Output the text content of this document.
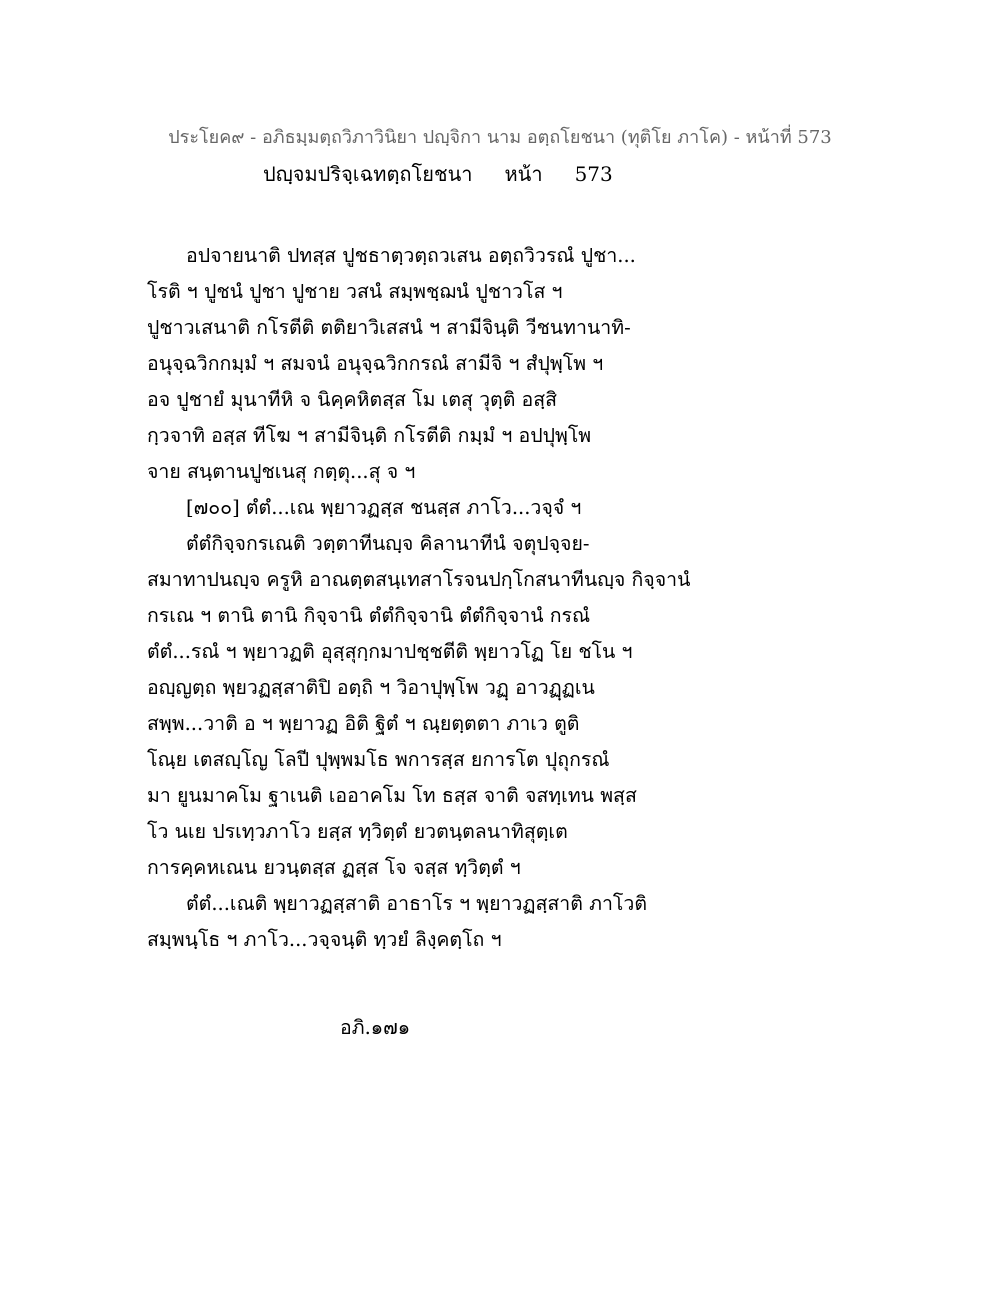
ประโยค๙ - อภิธมฺมตฺถวิภาวินิยา ปญฺจิกา นาม อตฺถโยชนา (ทุติโย ภาโค) - หน้าที่ 573
ปญฺจมปริจฺเฉทตฺถโยชนา หน้า 573
อปจายนาติ ปทสฺส ปูชธาตฺวตฺถวเสน อตฺถวิวรณํ ปูชา...
โรติ ฯ ปูชนํ ปูชา ปูชาย วสนํ สมฺพชฺฌนํ ปูชาวโส ฯ
ปูชาวเสนาติ กโรตีติ ตติยาวิเสสนํ ฯ สามีจินฺติ วีชนทานาทิ-
อนุจฺฉวิกกมฺมํ ฯ สมจนํ อนุจฺฉวิกกรณํ สามีจิ ฯ สํปุพฺโพ ฯ
อจ ปูชายํ มุนาทีหิ จ นิคฺคหิตสฺส โม เตสุ วุตฺติ อสฺสิ
กฺวจาทิ อสฺส ทีโฆ ฯ สามีจินฺติ กโรตีติ กมฺมํ ฯ อปปุพฺโพ
จาย สนฺตานปูชเนสุ กตฺตุ...สุ จ ฯ
[๗๐๐] ตํตํ...เณ พฺยาวฏสฺส ชนสฺส ภาโว...วจฺจํ ฯ
ตํตํกิจฺจกรเณติ วตฺตาทีนญฺจ คิลานาทีนํ จตุปจฺจย-
สมาทาปนญฺจ ครูหิ อาณตฺตสนฺเทสาโรจนปกฺโกสนาทีนญฺจ กิจฺจานํ
กรเณ ฯ ตานิ ตานิ กิจฺจานิ ตํตํกิจฺจานิ ตํตํกิจฺจานํ กรณํ
ตํตํ...รณํ ฯ พฺยาวฏติ อุสฺสุกฺกมาปชฺชตีติ พฺยาวโฏ โย ชโน ฯ
อญฺญตฺถ พฺยวฏสฺสาติปิ อตฺถิ ฯ วิอาปุพฺโพ วฏฺ อาวฏฺฏเน
สพฺพ...วาติ อ ฯ พฺยาวฏ อิติ ฐิตํ ฯ ณฺยตฺตตา ภาเว ตูติ
โณฺย เตสญฺโญ โลปี ปุพฺพมโธ พการสฺส ยการโต ปุถุกรณํ
มา ยูนมาคโม ฐาเนติ เออาคโม โท ธสฺส จาติ จสทฺเทน พสฺส
โว นเย ปรเทฺวภาโว ยสฺส ทฺวิตฺตํ ยวตนฺตลนาทิสุตฺเต
การคฺคหเณน ยวนฺตสฺส ฏสฺส โจ จสฺส ทฺวิตฺตํ ฯ
ตํตํ...เณติ พฺยาวฏสฺสาติ อาธาโร ฯ พฺยาวฏสฺสาติ ภาโวติ
สมฺพนฺโธ ฯ ภาโว...วจฺจนฺติ ทฺวยํ ลิงฺคตฺโถ ฯ
อภิ.๑๗๑
